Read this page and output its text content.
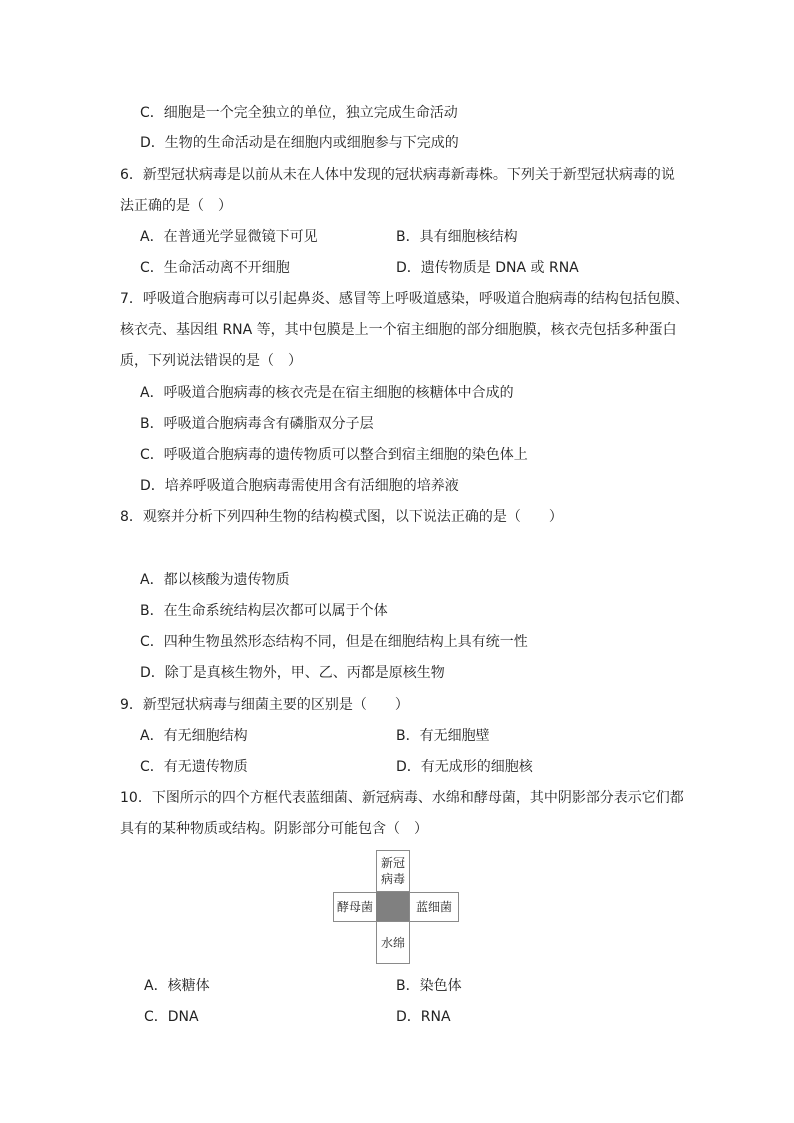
C．细胞是一个完全独立的单位，独立完成生命活动
D．生物的生命活动是在细胞内或细胞参与下完成的
6．新型冠状病毒是以前从未在人体中发现的冠状病毒新毒株。下列关于新型冠状病毒的说
法正确的是（　）
A．在普通光学显微镜下可见	B．具有细胞核结构
C．生命活动离不开细胞	D．遗传物质是 DNA 或 RNA
7．呼吸道合胞病毒可以引起鼻炎、感冒等上呼吸道感染，呼吸道合胞病毒的结构包括包膜、
核衣壳、基因组 RNA 等，其中包膜是上一个宿主细胞的部分细胞膜，核衣壳包括多种蛋白
质，下列说法错误的是（　）
A．呼吸道合胞病毒的核衣壳是在宿主细胞的核糖体中合成的
B．呼吸道合胞病毒含有磷脂双分子层
C．呼吸道合胞病毒的遗传物质可以整合到宿主细胞的染色体上
D．培养呼吸道合胞病毒需使用含有活细胞的培养液
8．观察并分析下列四种生物的结构模式图，以下说法正确的是（　　）
A．都以核酸为遗传物质
B．在生命系统结构层次都可以属于个体
C．四种生物虽然形态结构不同，但是在细胞结构上具有统一性
D．除丁是真核生物外，甲、乙、丙都是原核生物
9．新型冠状病毒与细菌主要的区别是（　　）
A．有无细胞结构	B．有无细胞壁
C．有无遗传物质	D．有无成形的细胞核
10．下图所示的四个方框代表蓝细菌、新冠病毒、水绵和酵母菌，其中阴影部分表示它们都
具有的某种物质或结构。阴影部分可能包含（　）
新冠
病毒
酵母菌	蓝细菌
水绵
A．核糖体	B．染色体
C．DNA	D．RNA
